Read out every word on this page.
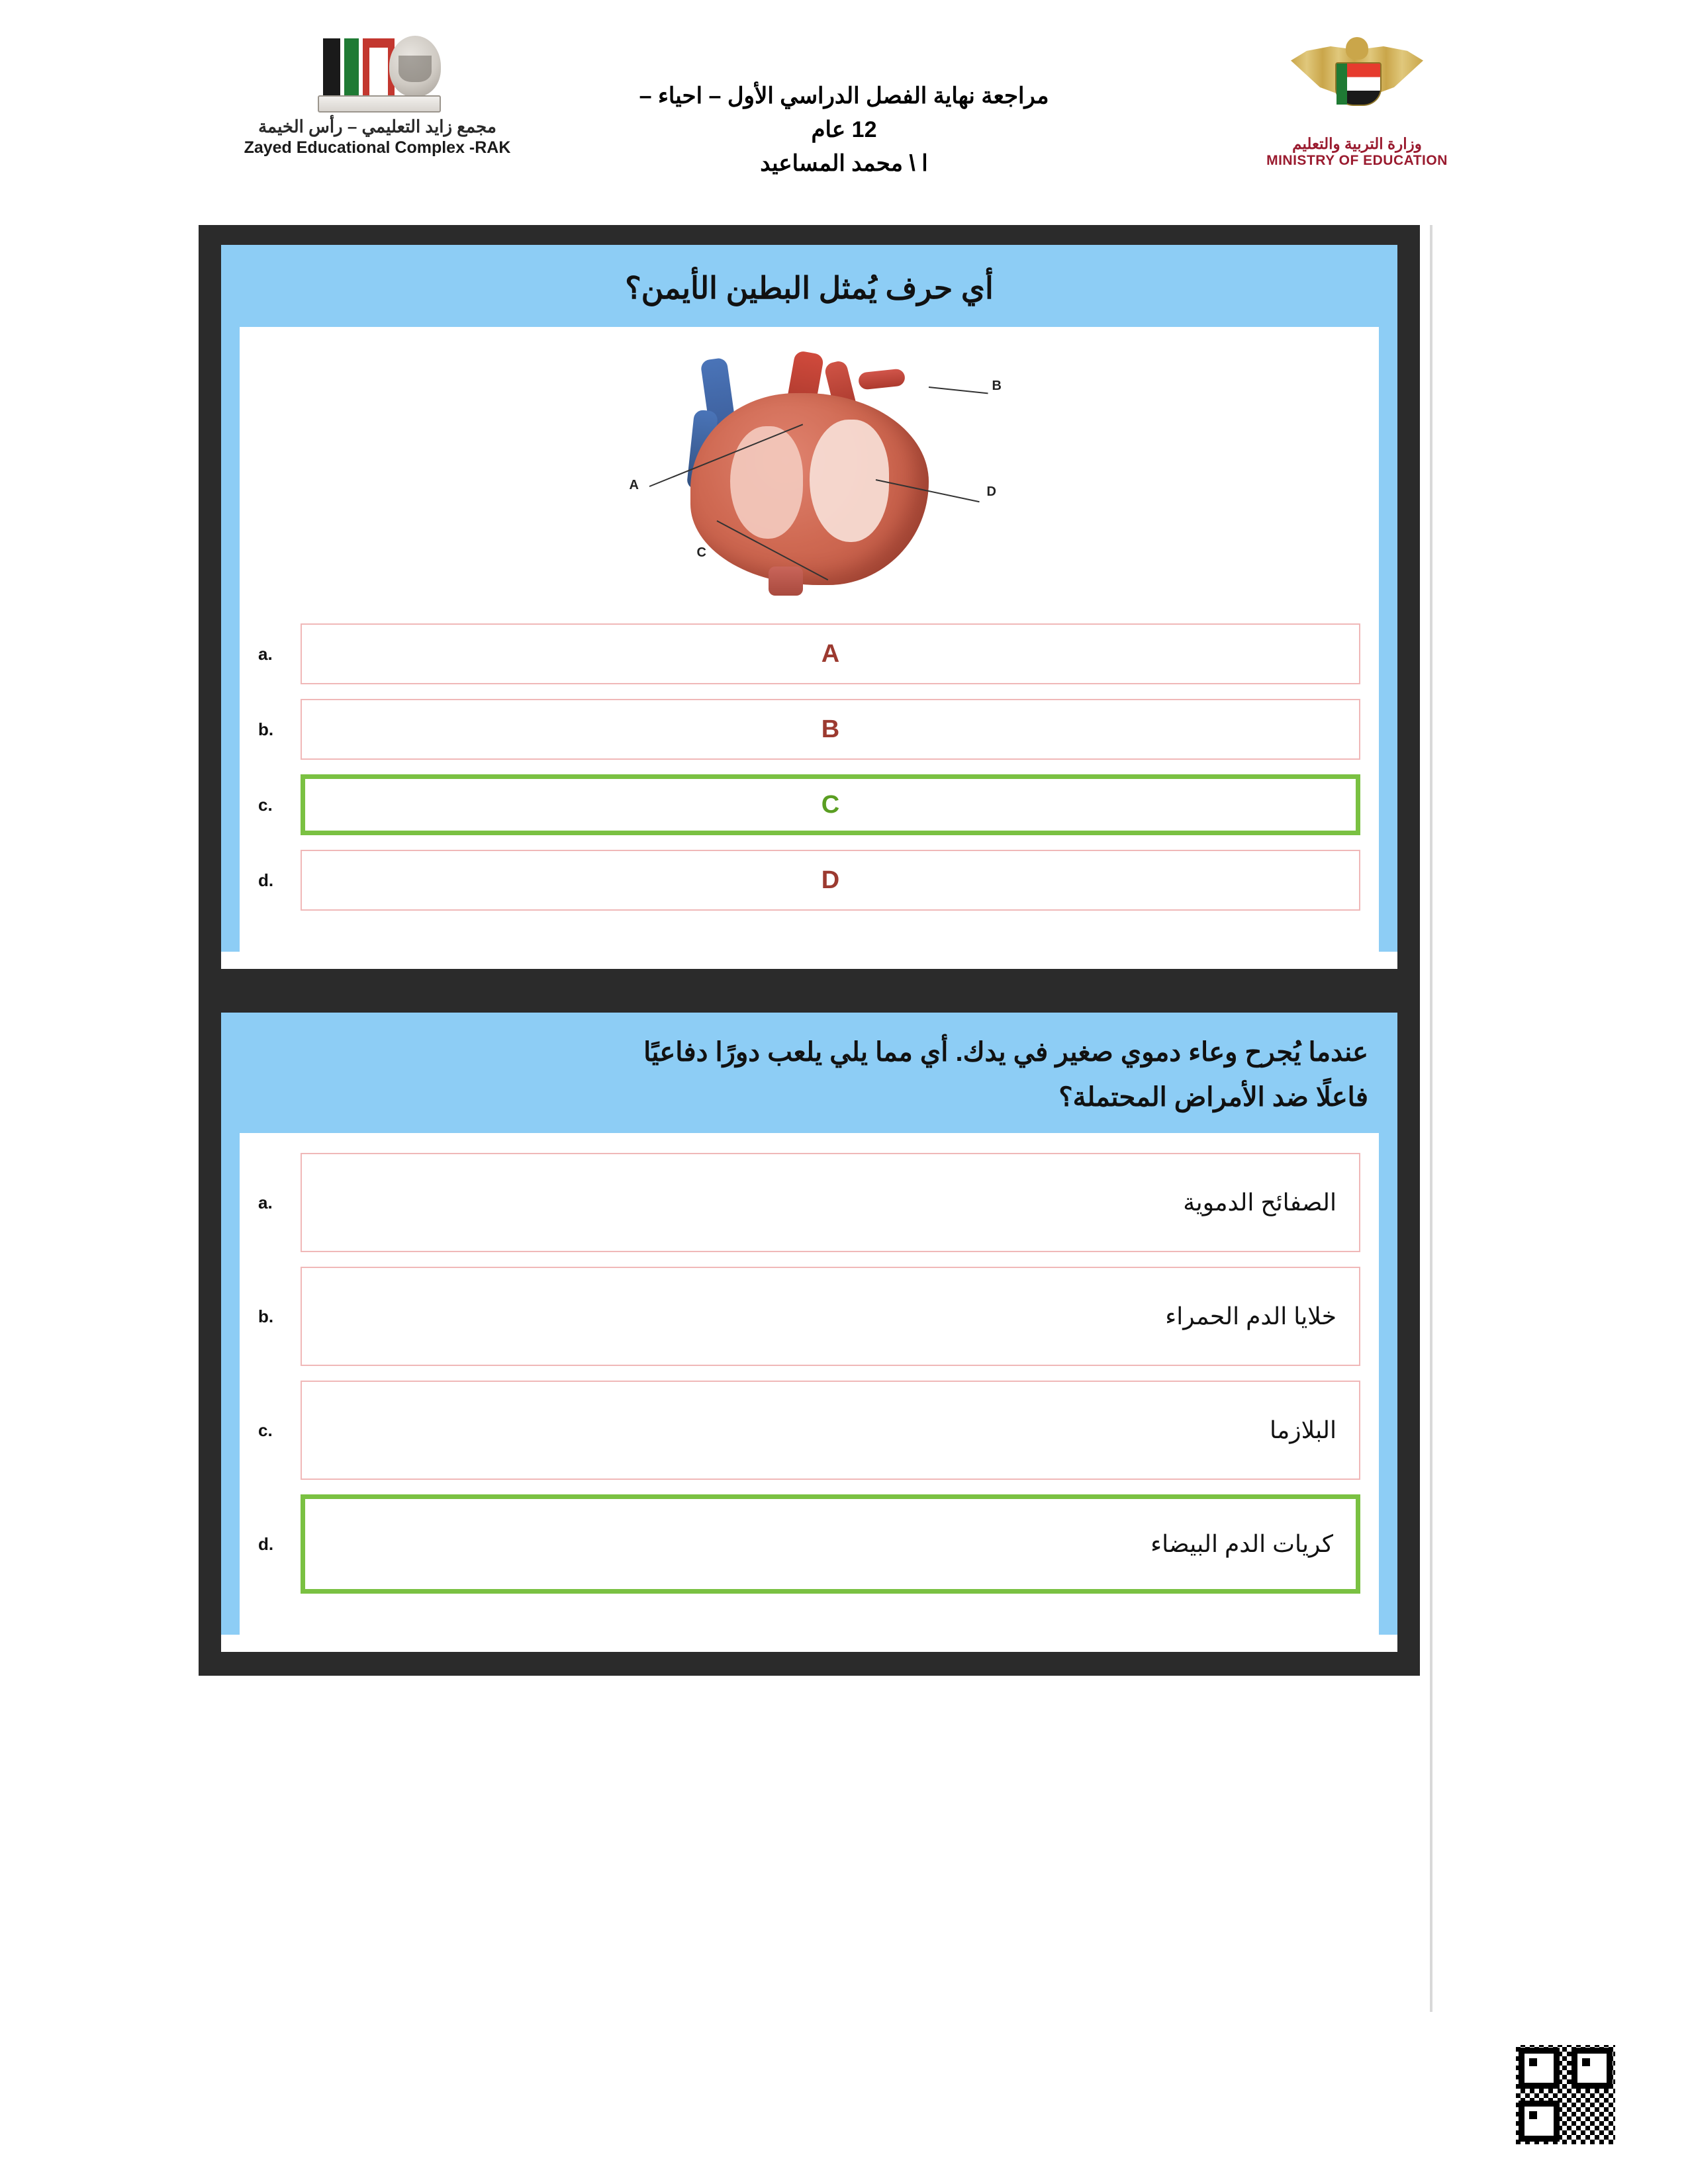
مجمع زايد التعليمي – رأس الخيمة
Zayed Educational Complex -RAK
مراجعة نهاية الفصل الدراسي الأول – احياء –
12 عام
ا \ محمد المساعيد
وزارة التربية والتعليم
MINISTRY OF EDUCATION
أي حرف يُمثل البطين الأيمن؟
B
A
C
D
A
a.
B
b.
C
c.
D
d.
عندما يُجرح وعاء دموي صغير في يدك. أي مما يلي يلعب دورًا دفاعيًا
فاعلًا ضد الأمراض المحتملة؟
الصفائح الدموية
a.
خلايا الدم الحمراء
b.
البلازما
c.
كريات الدم البيضاء
d.
